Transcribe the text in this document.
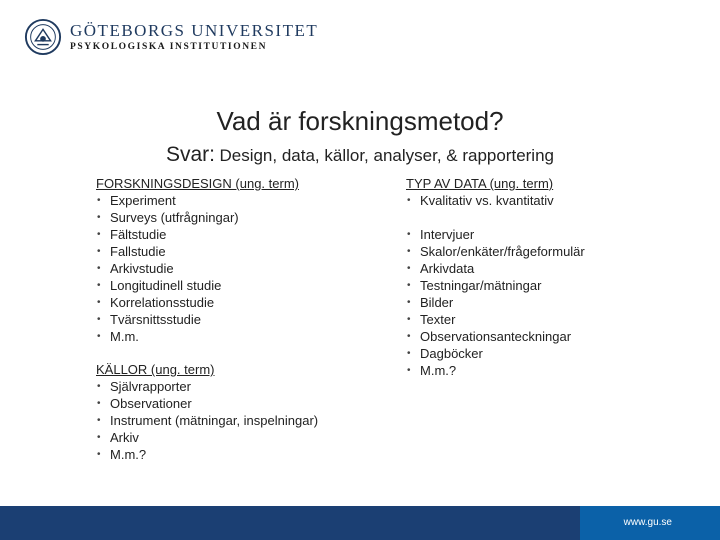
GÖTEBORGS UNIVERSITET
PSYKOLOGISKA INSTITUTIONEN
Vad är forskningsmetod?
Svar: Design, data, källor, analyser, & rapportering
FORSKNINGSDESIGN (ung. term)
• Experiment
• Surveys (utfrågningar)
• Fältstudie
• Fallstudie
• Arkivstudie
• Longitudinell studie
• Korrelationsstudie
• Tvärsnittsstudie
• M.m.
KÄLLOR (ung. term)
• Självrapporter
• Observationer
• Instrument (mätningar, inspelningar)
• Arkiv
• M.m.?
TYP AV DATA (ung. term)
• Kvalitativ vs. kvantitativ
• Intervjuer
• Skalor/enkäter/frågeformulär
• Arkivdata
• Testningar/mätningar
• Bilder
• Texter
• Observationsanteckningar
• Dagböcker
• M.m.?
www.gu.se
